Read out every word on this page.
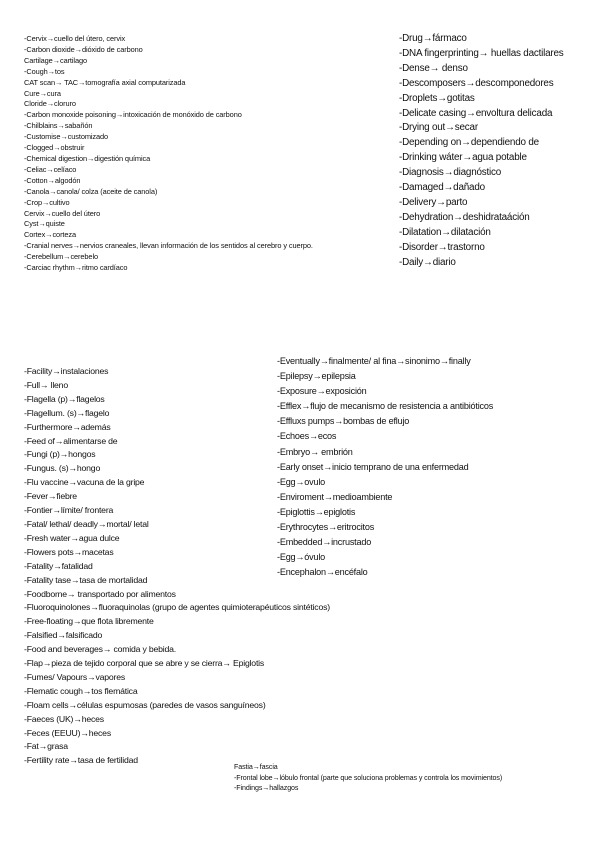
-Cervix→cuello del útero, cervix
-Carbon dioxide→dióxido de carbono
Cartilage→cartilago
-Cough→tos
CAT scan→ TAC→tomografía axial computarizada
Cure→cura
Cloride→cloruro
-Carbon monoxide poisoning→intoxicación de monóxido de carbono
-Chilblains→sabañón
-Customise→customizado
-Clogged→obstruir
-Chemical digestion→digestión química
-Celiac→celíaco
-Cotton→algodón
-Canola→canola/ colza (aceite de canola)
-Crop→cultivo
Cervix→cuello del útero
Cyst→quiste
Cortex→corteza
-Cranial nerves→nervios craneales, llevan información de los sentidos al cerebro y cuerpo.
-Cerebellum→cerebelo
-Carciac rhythm→ritmo cardíaco
-Drug→fármaco
-DNA fingerprinting→ huellas dactilares
-Dense→ denso
-Descomposers→descomponedores
-Droplets→gotitas
-Delicate casing→envoltura delicada
-Drying out→secar
-Depending on→dependiendo de
-Drinking wáter→agua potable
-Diagnosis→diagnóstico
-Damaged→dañado
-Delivery→parto
-Dehydration→deshidrataáción
-Dilatation→dilatación
-Disorder→trastorno
-Daily→diario
-Facility→instalaciones
-Full→ lleno
-Flagella (p)→flagelos
-Flagellum. (s)→flagelo
-Furthermore→además
-Feed of→alimentarse de
-Fungi (p)→hongos
-Fungus. (s)→hongo
-Flu vaccine→vacuna de la gripe
-Fever→fiebre
-Fontier→límite/ frontera
-Fatal/ lethal/ deadly→mortal/ letal
-Fresh water→agua dulce
-Flowers pots→macetas
-Fatality→fatalidad
-Fatality tase→tasa de mortalidad
-Foodborne→ transportado por alimentos
-Fluoroquinolones→fluoraquinolas (grupo de agentes quimioterapéuticos sintéticos)
-Free-floating→que flota libremente
-Falsified→falsificado
-Food and beverages→ comida y bebida.
-Flap→pieza de tejido corporal que se abre y se cierra→ Epiglotis
-Fumes/ Vapours→vapores
-Flematic cough→tos flemática
-Floam cells→células espumosas (paredes de vasos sanguíneos)
-Faeces (UK)→heces
-Feces (EEUU)→heces
-Fat→grasa
-Fertility rate→tasa de fertilidad
-Eventually→finalmente/ al fina→sinonimo→finally
-Epilepsy→epilepsia
-Exposure→exposición
-Efflex→flujo de mecanismo de resistencia a antibióticos
-Effluxs pumps→bombas de eflujo
-Echoes→ecos
-Embryo→ embrión
-Early onset→inicio temprano de una enfermedad
-Egg→ovulo
-Enviroment→medioambiente
-Epiglottis→epiglotis
-Erythrocytes→eritrocitos
-Embedded→incrustado
-Egg→óvulo
-Encephalon→encéfalo
Fastia→fascia
-Frontal lobe→lóbulo frontal (parte que soluciona problemas y controla los movimientos)
-Findings→hallazgos
